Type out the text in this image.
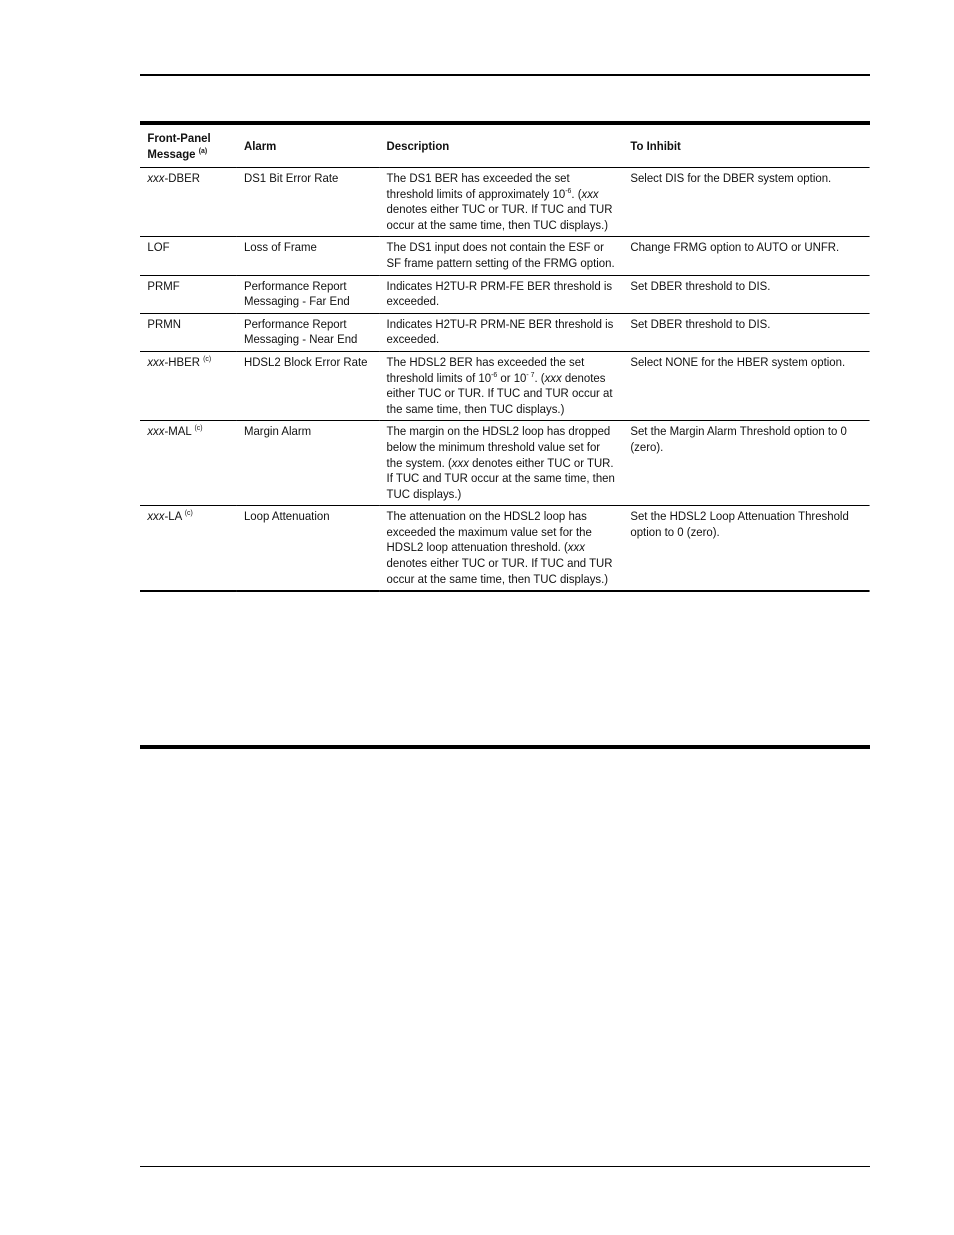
Front-Panel Message $^{(a)}$	Alarm	Description	To Inhibit
xxx-DBER	DS1 Bit Error Rate	The DS1 BER has exceeded the set threshold limits of approximately $10^{-6}$. (xxx denotes either TUC or TUR. If TUC and TUR occur at the same time, then TUC displays.)	Select DIS for the DBER system option.
LOF	Loss of Frame	The DS1 input does not contain the ESF or SF frame pattern setting of the FRMG option.	Change FRMG option to AUTO or UNFR.
PRMF	Performance Report Messaging - Far End	Indicates H2TU-R PRM-FE BER threshold is exceeded.	Set DBER threshold to DIS.
PRMN	Performance Report Messaging - Near End	Indicates H2TU-R PRM-NE BER threshold is exceeded.	Set DBER threshold to DIS.
xxx-HBER $^{(c)}$	HDSL2 Block Error Rate	The HDSL2 BER has exceeded the set threshold limits of $10^{-6}$ or $10^{- 7}$. (xxx denotes either TUC or TUR. If TUC and TUR occur at the same time, then TUC displays.)	Select NONE for the HBER system option.
xxx-MAL $^{(c)}$	Margin Alarm	The margin on the HDSL2 loop has dropped below the minimum threshold value set for the system. (xxx denotes either TUC or TUR. If TUC and TUR occur at the same time, then TUC displays.)	Set the Margin Alarm Threshold option to 0 (zero).
xxx-LA $^{(c)}$	Loop Attenuation	The attenuation on the HDSL2 loop has exceeded the maximum value set for the HDSL2 loop attenuation threshold. (xxx denotes either TUC or TUR. If TUC and TUR occur at the same time, then TUC displays.)	Set the HDSL2 Loop Attenuation Threshold option to 0 (zero).
